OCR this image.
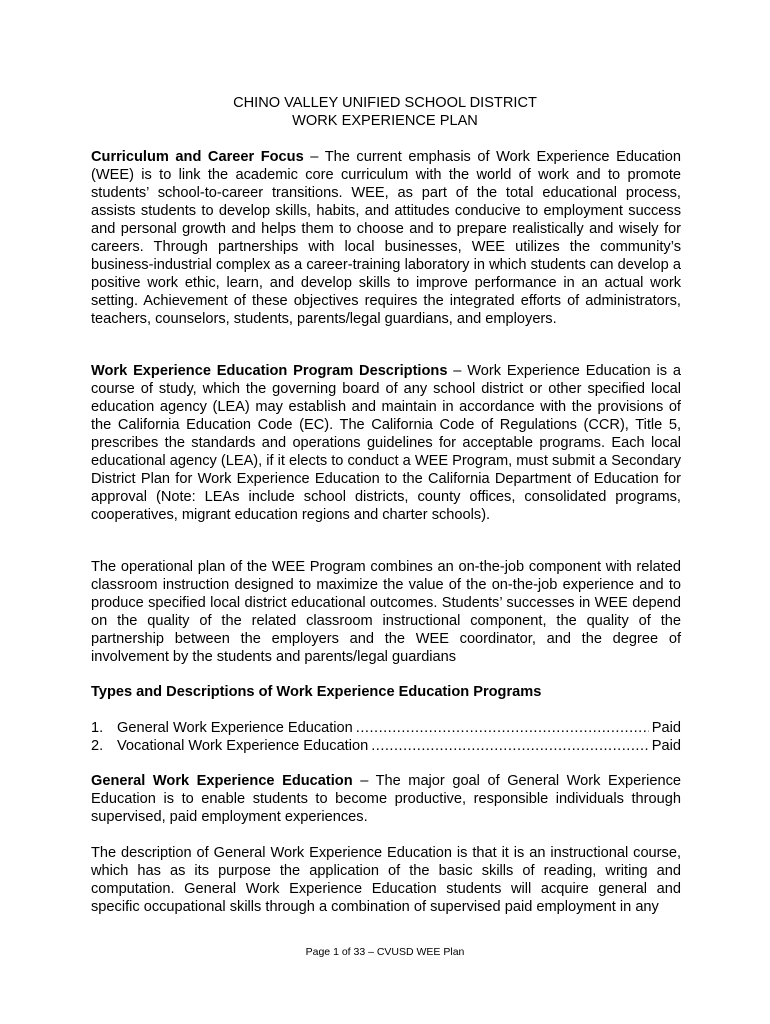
CHINO VALLEY UNIFIED SCHOOL DISTRICT
WORK EXPERIENCE PLAN
Curriculum and Career Focus – The current emphasis of Work Experience Education (WEE) is to link the academic core curriculum with the world of work and to promote students’ school-to-career transitions. WEE, as part of the total educational process, assists students to develop skills, habits, and attitudes conducive to employment success and personal growth and helps them to choose and to prepare realistically and wisely for careers. Through partnerships with local businesses, WEE utilizes the community’s business-industrial complex as a career-training laboratory in which students can develop a positive work ethic, learn, and develop skills to improve performance in an actual work setting. Achievement of these objectives requires the integrated efforts of administrators, teachers, counselors, students, parents/legal guardians, and employers.
Work Experience Education Program Descriptions – Work Experience Education is a course of study, which the governing board of any school district or other specified local education agency (LEA) may establish and maintain in accordance with the provisions of the California Education Code (EC). The California Code of Regulations (CCR), Title 5, prescribes the standards and operations guidelines for acceptable programs. Each local educational agency (LEA), if it elects to conduct a WEE Program, must submit a Secondary District Plan for Work Experience Education to the California Department of Education for approval (Note: LEAs include school districts, county offices, consolidated programs, cooperatives, migrant education regions and charter schools).
The operational plan of the WEE Program combines an on-the-job component with related classroom instruction designed to maximize the value of the on-the-job experience and to produce specified local district educational outcomes. Students’ successes in WEE depend on the quality of the related classroom instructional component, the quality of the partnership between the employers and the WEE coordinator, and the degree of involvement by the students and parents/legal guardians
Types and Descriptions of Work Experience Education Programs
1. General Work Experience Education .....	Paid
2. Vocational Work Experience Education .....	Paid
General Work Experience Education – The major goal of General Work Experience Education is to enable students to become productive, responsible individuals through supervised, paid employment experiences.
The description of General Work Experience Education is that it is an instructional course, which has as its purpose the application of the basic skills of reading, writing and computation. General Work Experience Education students will acquire general and specific occupational skills through a combination of supervised paid employment in any
Page 1 of 33 – CVUSD WEE Plan
